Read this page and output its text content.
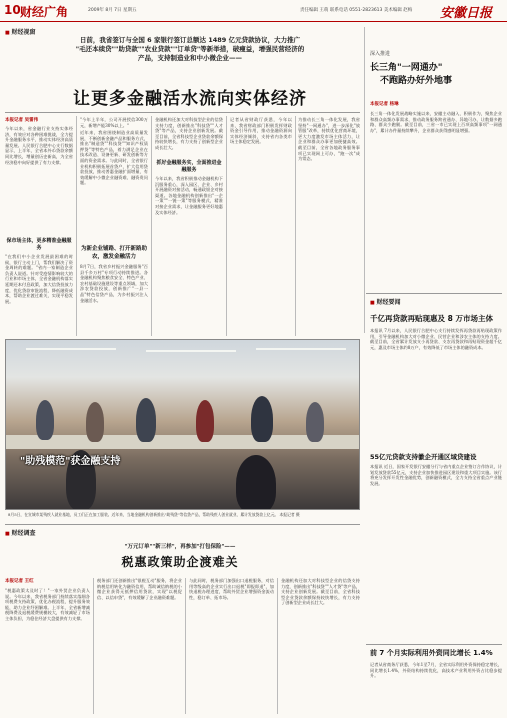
10 财经广角	2009年 8月 7日 星期五	责任编辑 王萌 联系电话 0551-2823613 美术编辑 赵梅 安徽日报
■ 财经视窗
日前，我省签订与全国 6 家银行签订总额达 1489 亿元贷款协议，大力推广
"毛还本续贷""助贷款""农业贷款""订单贷"等新举措，破瘦益，增强民营经济的
产品，支持制造业和中小微企业——
让更多金融活水流向实体经济
本报记者 吴雷伟
今年以来，省金融行业支持实体经济，有效应对各种困难挑战，全力提升金融服务水平，推动实体经济高质量发展。人民银行合肥中心支行数据显示，上半年，全省本外币贷款余额同比增长，增量创历史新高，为全省经济稳中向好提供了有力支撑。
保市场主体，更多精准金融服务
"在我们中小企业发展最困难的时候，银行主动上门，帮我们解决了资金周转的难题。"省内一家制造企业负责人说道。针对受疫情影响较大的行业和市场主体，全省金融机构落实延期还本付息政策，加大信贷投放力度，优化贷款审批流程，降低融资成本，帮助企业渡过难关，实现平稳发展。
"今年上半年，公司开展授信300万元，新增产能30%以上。"
近年来，我省围绕制造业高质量发展，不断创新金融产品和服务方式，推出"制造贷""科技贷""知识产权质押贷"等特色产品，着力满足企业在技术改造、设备更新、研发创新等方面的资金需求。与此同时，全省银行业机构积极拓展首贷户，扩大信用贷款投放，推动普惠金融扩面增量，有效缓解中小微企业融资难、融资贵问题。
为新企业铺路、打开新路助农，激发金融活力
8月7日，我省乡村振兴金融服务"百县千乡万村"专项行动持续推进。各金融机构聚焦粮食安全、特色产业、农村基础设施建设等重点领域，加大涉农贷款投放，创新推广"一县一品"特色信贷产品，为乡村振兴注入金融活水。
金融机构还加大对科技型企业的信贷支持力度，创新推出"科技贷""人才贷"等产品，支持企业创新发展。截至目前，全省科技型企业贷款余额保持较快增长，有力支持了创新型企业成长壮大。
抓好金融服务实，全面推进金融服务
今年以来，我省积极推动金融机构下沉服务重心，深入园区、企业、乡村开展融资对接活动，畅通政银企对接渠道。各地金融机构创新推出"一企一策""一链一策"等服务模式，精准对接企业需求，让金融服务更好地惠及实体经济。
记者从省财政厅获悉，今年以来，我省财政部门积极发挥财政资金引导作用，推动金融资源向实体经济倾斜，支持省内各类市场主体稳定发展。
为推动长三角一体化发展，我省坚持"一网通办"，进一步深化"放管服"改革，持续优化营商环境，更大力度激发市场主体活力，让企业和群众办事更加便捷高效。截至目前，全省各地政务服务事项已实现网上可办，"跑一次"成为常态。
深入推进
长三角"一网通办"
不跑路办好外地事
本报记者 杨琳
长三角一体化发展战略实施以来，安徽主动融入、积极作为，聚焦企业和群众高频办事需求，推动政务服务跨省通办、异地可办，让数据多跑路、群众少跑腿。截至目前，三省一市已实现上百项高频事项"一网通办"，累计办件量持续攀升，企业群众获得感明显增强。
■ 财经要闻
千亿再贷款再贴现惠及 8 万市场主体
本报讯 7月以来，人民银行合肥中心支行持续发挥再贷款再贴现政策作用，引导金融机构加大对小微企业、民营企业和涉农主体的支持力度。截至目前，全省累计发放支小再贷款、支农再贷款和再贴现资金超千亿元，惠及市场主体约8万户，有效降低了市场主体的融资成本。
55亿元贷款支持徽企开通区域贷建设
本报讯 近日，国家开发银行安徽分行与省内重点企业签订合作协议，计划发放贷款55亿元，支持企业加快推进园区建设和重大项目实施。该行将充分发挥开发性金融优势，创新融资模式，全力支持全省重点产业链发展。
前 7 个月实际利用外资同比增长 1.4%
记者从省商务厅获悉，今年1至7月，全省实际利用外资保持稳定增长，同比增长1.4%，外资结构持续优化，高技术产业利用外资占比稳步提升。
"助残模范"获金融支持
8月5日，在宣城市某残疾人就业基地，员工们正在加工服装。近年来，当地金融机构创新推出"助残贷"等信贷产品，帮助残疾人创业就业，累计发放贷款上亿元。 本报记者 摄
■ 财经调查
"万元订单""新三样"，再参加"打包保险"——
税惠政策助企渡难关
本报记者 王红
"税惠政策太及时了！"一家外贸企业负责人说。今年以来，我省税务部门持续落实落细各项税费支持政策，优化办税流程，提升服务效能，助力企业纾困解难。上半年，全省新增减税降费及退税缓费规模较大，有效减轻了市场主体负担，为稳住经济大盘提供有力支撑。
税务部门还创新推出"银税互动"服务，将企业纳税信用转化为融资信用，帮助诚信纳税的小微企业获得无抵押信用贷款，实现"以税促信、以信申贷"，有效缓解了企业融资难题。
与此同时，税务部门加强出口退税服务，对信用等级高的企业实行出口退税"即报即退"，加快退税办理进度，帮助外贸企业增强资金流动性，稳订单、拓市场。
金融机构还加大对科技型企业的信贷支持力度，创新推出"科技贷""人才贷"等产品，支持企业创新发展。截至目前，全省科技型企业贷款余额保持较快增长，有力支持了创新型企业成长壮大。
